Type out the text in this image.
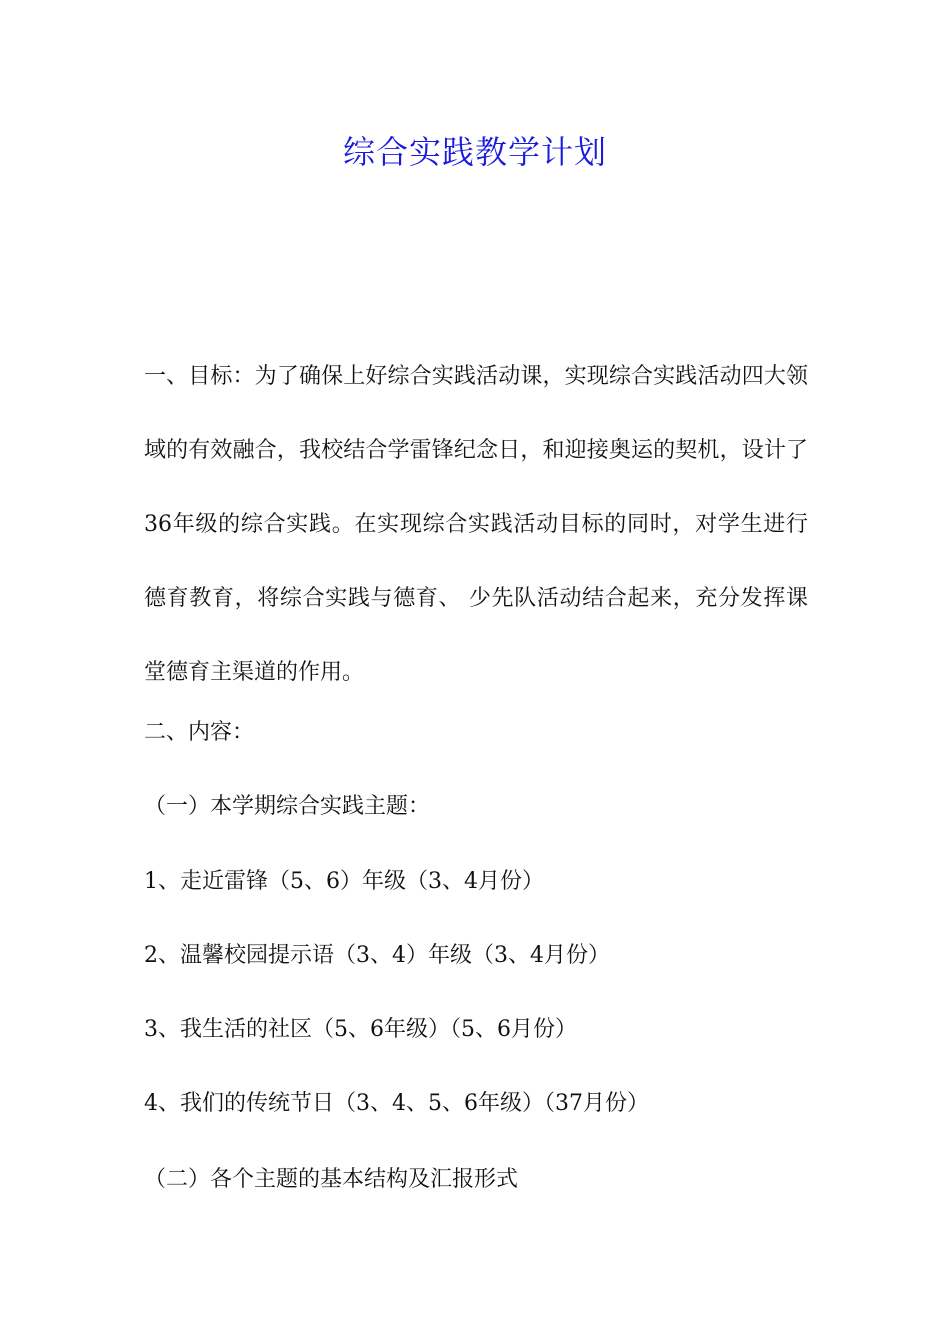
综合实践教学计划
一、目标：为了确保上好综合实践活动课，实现综合实践活动四大领域的有效融合，我校结合学雷锋纪念日，和迎接奥运的契机，设计了36年级的综合实践。在实现综合实践活动目标的同时，对学生进行德育教育，将综合实践与德育、 少先队活动结合起来，充分发挥课堂德育主渠道的作用。
二、内容：
（一）本学期综合实践主题：
1、走近雷锋（5、6）年级（3、4月份）
2、温馨校园提示语（3、4）年级（3、4月份）
3、我生活的社区（5、6年级）（5、6月份）
4、我们的传统节日（3、4、5、6年级）（37月份）
（二）各个主题的基本结构及汇报形式
